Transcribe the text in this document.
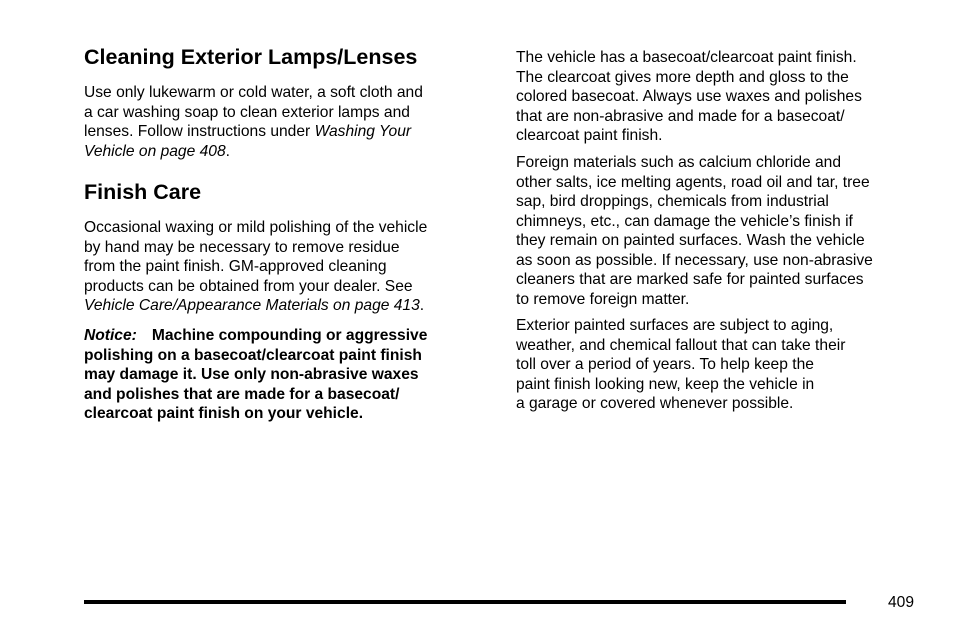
Cleaning Exterior Lamps/Lenses
Use only lukewarm or cold water, a soft cloth and
a car washing soap to clean exterior lamps and
lenses. Follow instructions under Washing Your
Vehicle on page 408.
Finish Care
Occasional waxing or mild polishing of the vehicle
by hand may be necessary to remove residue
from the paint finish. GM-approved cleaning
products can be obtained from your dealer. See
Vehicle Care/Appearance Materials on page 413.
Notice: Machine compounding or aggressive
polishing on a basecoat/clearcoat paint finish
may damage it. Use only non-abrasive waxes
and polishes that are made for a basecoat/
clearcoat paint finish on your vehicle.
The vehicle has a basecoat/clearcoat paint finish.
The clearcoat gives more depth and gloss to the
colored basecoat. Always use waxes and polishes
that are non-abrasive and made for a basecoat/
clearcoat paint finish.
Foreign materials such as calcium chloride and
other salts, ice melting agents, road oil and tar, tree
sap, bird droppings, chemicals from industrial
chimneys, etc., can damage the vehicle’s finish if
they remain on painted surfaces. Wash the vehicle
as soon as possible. If necessary, use non-abrasive
cleaners that are marked safe for painted surfaces
to remove foreign matter.
Exterior painted surfaces are subject to aging,
weather, and chemical fallout that can take their
toll over a period of years. To help keep the
paint finish looking new, keep the vehicle in
a garage or covered whenever possible.
409
